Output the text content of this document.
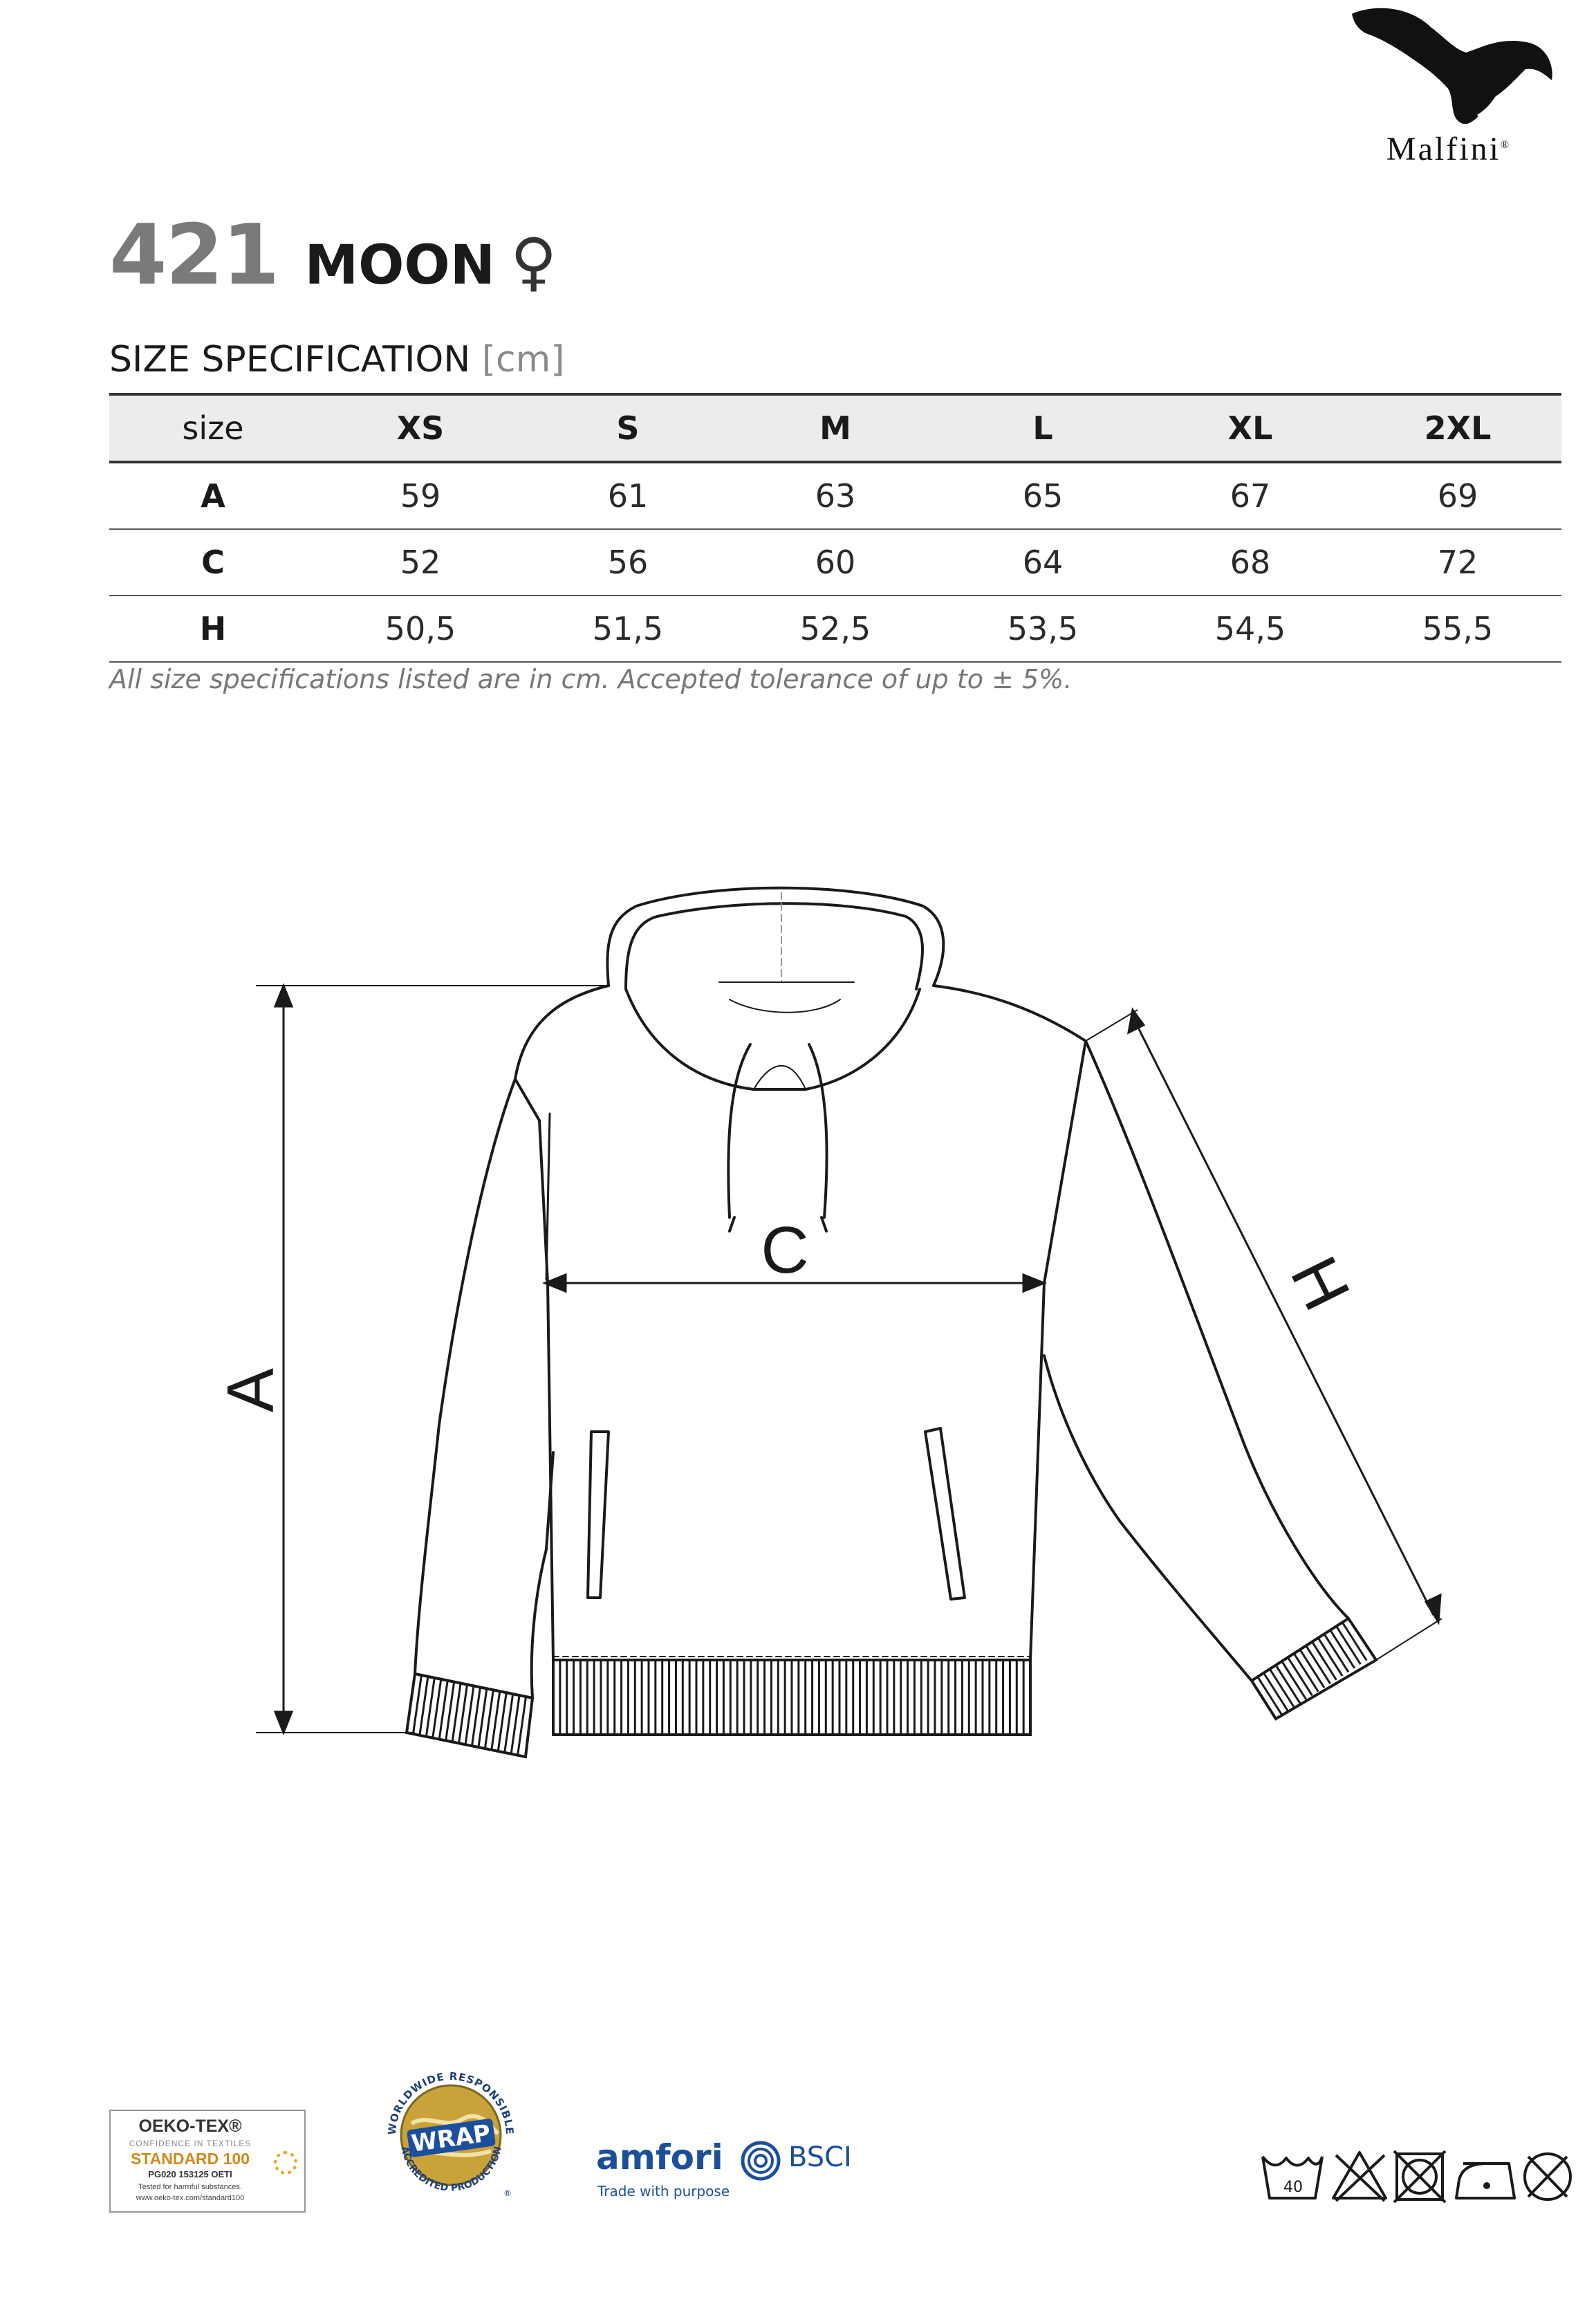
Malfini®
421 MOON ♀
SIZE SPECIFICATION [cm]
size	XS	S	M	L	XL	2XL
A	59	61	63	65	67	69
C	52	56	60	64	68	72
H	50,5	51,5	52,5	53,5	54,5	55,5
All size specifications listed are in cm. Accepted tolerance of up to ± 5%.
A
C	H
OEKO-TEX®
CONFIDENCE IN TEXTILES
STANDARD 100
PG020 153125 OETI
Tested for harmful substances.
www.oeko-tex.com/standard100
WORLDWIDE RESPONSIBLE
WRAP
ACCREDITED PRODUCTION
®
amfori BSCI
Trade with purpose	40
